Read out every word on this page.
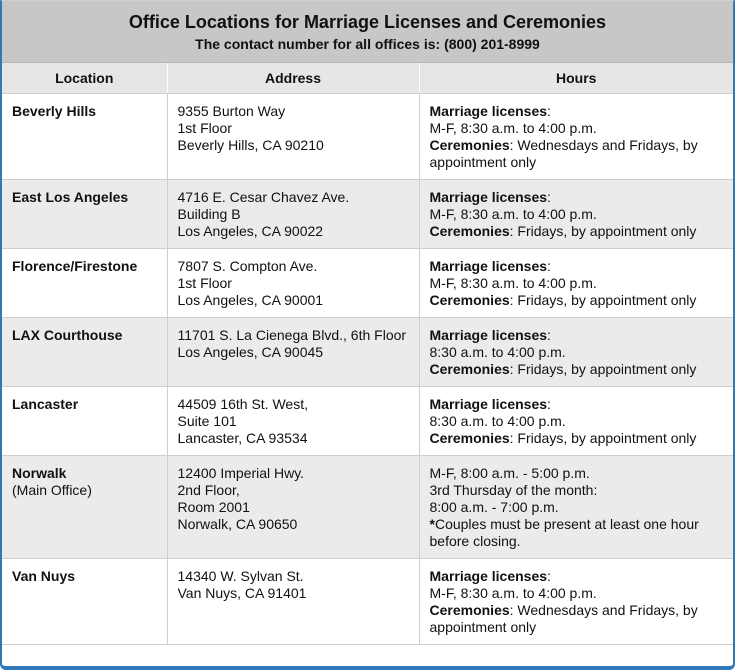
Office Locations for Marriage Licenses and Ceremonies
The contact number for all offices is: (800) 201-8999
Location	Address	Hours
Beverly Hills	9355 Burton Way
1st Floor
Beverly Hills, CA 90210	Marriage licenses:
M-F, 8:30 a.m. to 4:00 p.m.
Ceremonies: Wednesdays and Fridays, by appointment only

East Los Angeles	4716 E. Cesar Chavez Ave.
Building B
Los Angeles, CA 90022	Marriage licenses:
M-F, 8:30 a.m. to 4:00 p.m.
Ceremonies: Fridays, by appointment only

Florence/Firestone	7807 S. Compton Ave.
1st Floor
Los Angeles, CA 90001	Marriage licenses:
M-F, 8:30 a.m. to 4:00 p.m.
Ceremonies: Fridays, by appointment only

LAX Courthouse	11701 S. La Cienega Blvd., 6th Floor
Los Angeles, CA 90045	Marriage licenses:
8:30 a.m. to 4:00 p.m.
Ceremonies: Fridays, by appointment only

Lancaster	44509 16th St. West,
Suite 101
Lancaster, CA 93534	Marriage licenses:
8:30 a.m. to 4:00 p.m.
Ceremonies: Fridays, by appointment only

Norwalk
(Main Office)	12400 Imperial Hwy.
2nd Floor,
Room 2001
Norwalk, CA 90650	M-F, 8:00 a.m. - 5:00 p.m.
3rd Thursday of the month:
8:00 a.m. - 7:00 p.m.
*Couples must be present at least one hour before closing.

Van Nuys	14340 W. Sylvan St.
Van Nuys, CA 91401	Marriage licenses:
M-F, 8:30 a.m. to 4:00 p.m.
Ceremonies: Wednesdays and Fridays, by appointment only
